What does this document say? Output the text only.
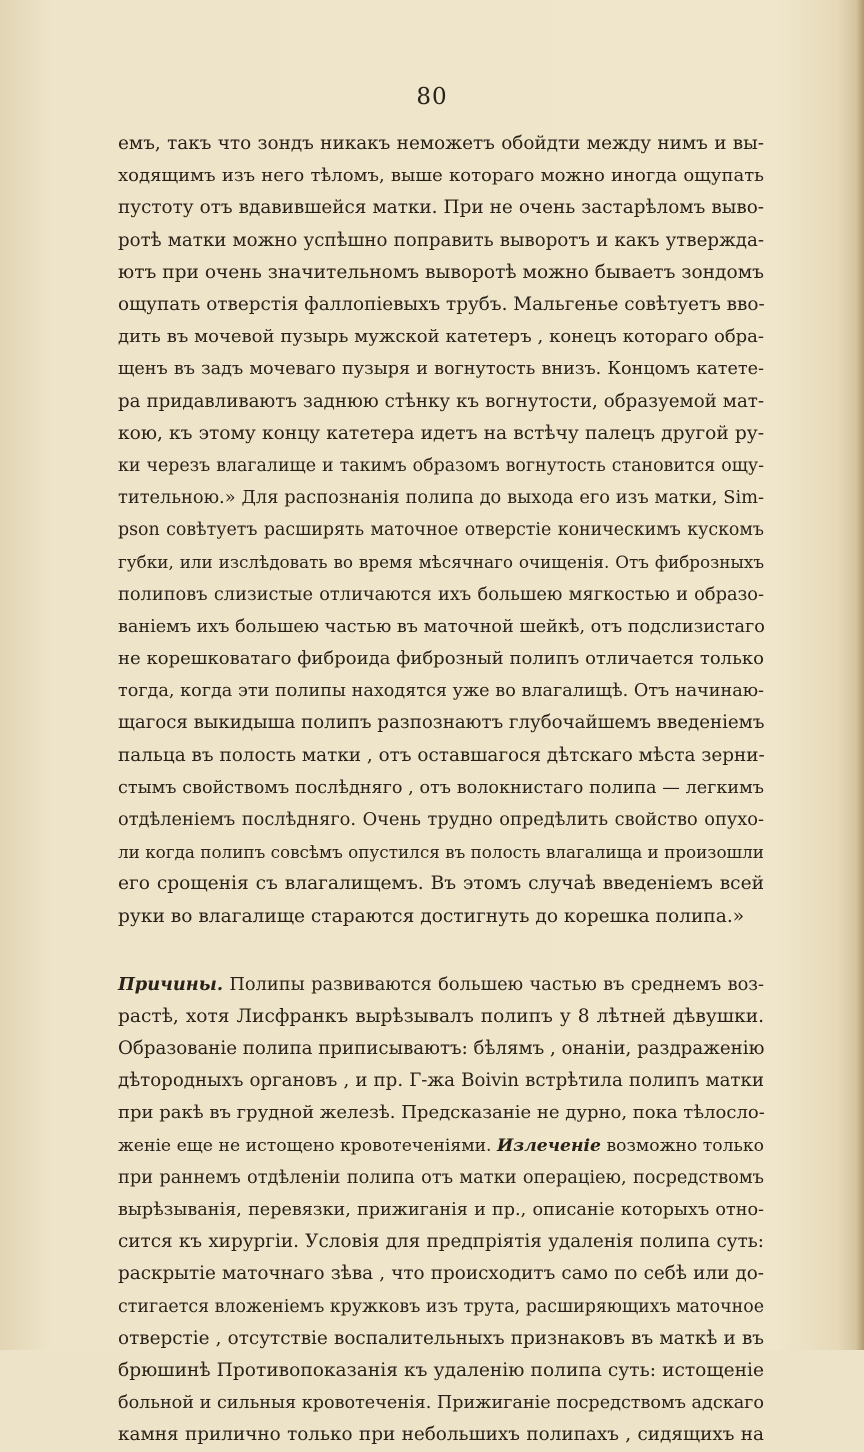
80
емъ, такъ что зондъ никакъ неможетъ обойдти между нимъ и вы-
ходящимъ изъ него тѣломъ, выше котораго можно иногда ощупать
пустоту отъ вдавившейся матки. При не очень застарѣломъ выво-
ротѣ матки можно успѣшно поправить выворотъ и какъ утвержда-
ютъ при очень значительномъ выворотѣ можно бываетъ зондомъ
ощупать отверстія фаллопіевыхъ трубъ. Мальгенье совѣтуетъ вво-
дить въ мочевой пузырь мужской катетеръ , конецъ котораго обра-
щенъ въ задъ мочеваго пузыря и вогнутость внизъ. Концомъ катете-
ра придавливаютъ заднюю стѣнку къ вогнутости, образуемой мат-
кою, къ этому концу катетера идетъ на встѣчу палецъ другой ру-
ки черезъ влагалище и такимъ образомъ вогнутость становится ощу-
тительною.» Для распознанія полипа до выхода его изъ матки, Sim-
pson совѣтуетъ расширять маточное отверстіе коническимъ кускомъ
губки, или изслѣдовать во время мѣсячнаго очищенія. Отъ фиброзныхъ
полиповъ слизистые отличаются ихъ большею мягкостью и образо-
ваніемъ ихъ большею частью въ маточной шейкѣ, отъ подслизистаго
не корешковатаго фиброида фиброзный полипъ отличается только
тогда, когда эти полипы находятся уже во влагалищѣ. Отъ начинаю-
щагося выкидыша полипъ разпознаютъ глубочайшемъ введеніемъ
пальца въ полость матки , отъ оставшагося дѣтскаго мѣста зерни-
стымъ свойствомъ послѣдняго , отъ волокнистаго полипа — легкимъ
отдѣленіемъ послѣдняго. Очень трудно опредѣлить свойство опухо-
ли когда полипъ совсѣмъ опустился въ полость влагалища и произошли
его срощенія съ влагалищемъ. Въ этомъ случаѣ введеніемъ всей
руки во влагалище стараются достигнуть до корешка полипа.»
Причины. Полипы развиваются большею частью въ среднемъ воз-
растѣ, хотя Лисфранкъ вырѣзывалъ полипъ у 8 лѣтней дѣвушки.
Образованіе полипа приписываютъ: бѣлямъ , онаніи, раздраженію
дѣтородныхъ органовъ , и пр. Г-жа Boivin встрѣтила полипъ матки
при ракѣ въ грудной железѣ. Предсказаніе не дурно, пока тѣлосло-
женіе еще не истощено кровотеченіями. Излеченіе возможно только
при раннемъ отдѣленіи полипа отъ матки операціею, посредствомъ
вырѣзыванія, перевязки, прижиганія и пр., описаніе которыхъ отно-
сится къ хирургіи. Условія для предпріятія удаленія полипа суть:
раскрытіе маточнаго зѣва , что происходитъ само по себѣ или до-
стигается вложеніемъ кружковъ изъ трута, расширяющихъ маточное
отверстіе , отсутствіе воспалительныхъ признаковъ въ маткѣ и въ
брюшинѣ Противопоказанія къ удаленію полипа суть: истощеніе
больной и сильныя кровотеченія. Прижиганіе посредствомъ адскаго
камня прилично только при небольшихъ полипахъ , сидящихъ на
